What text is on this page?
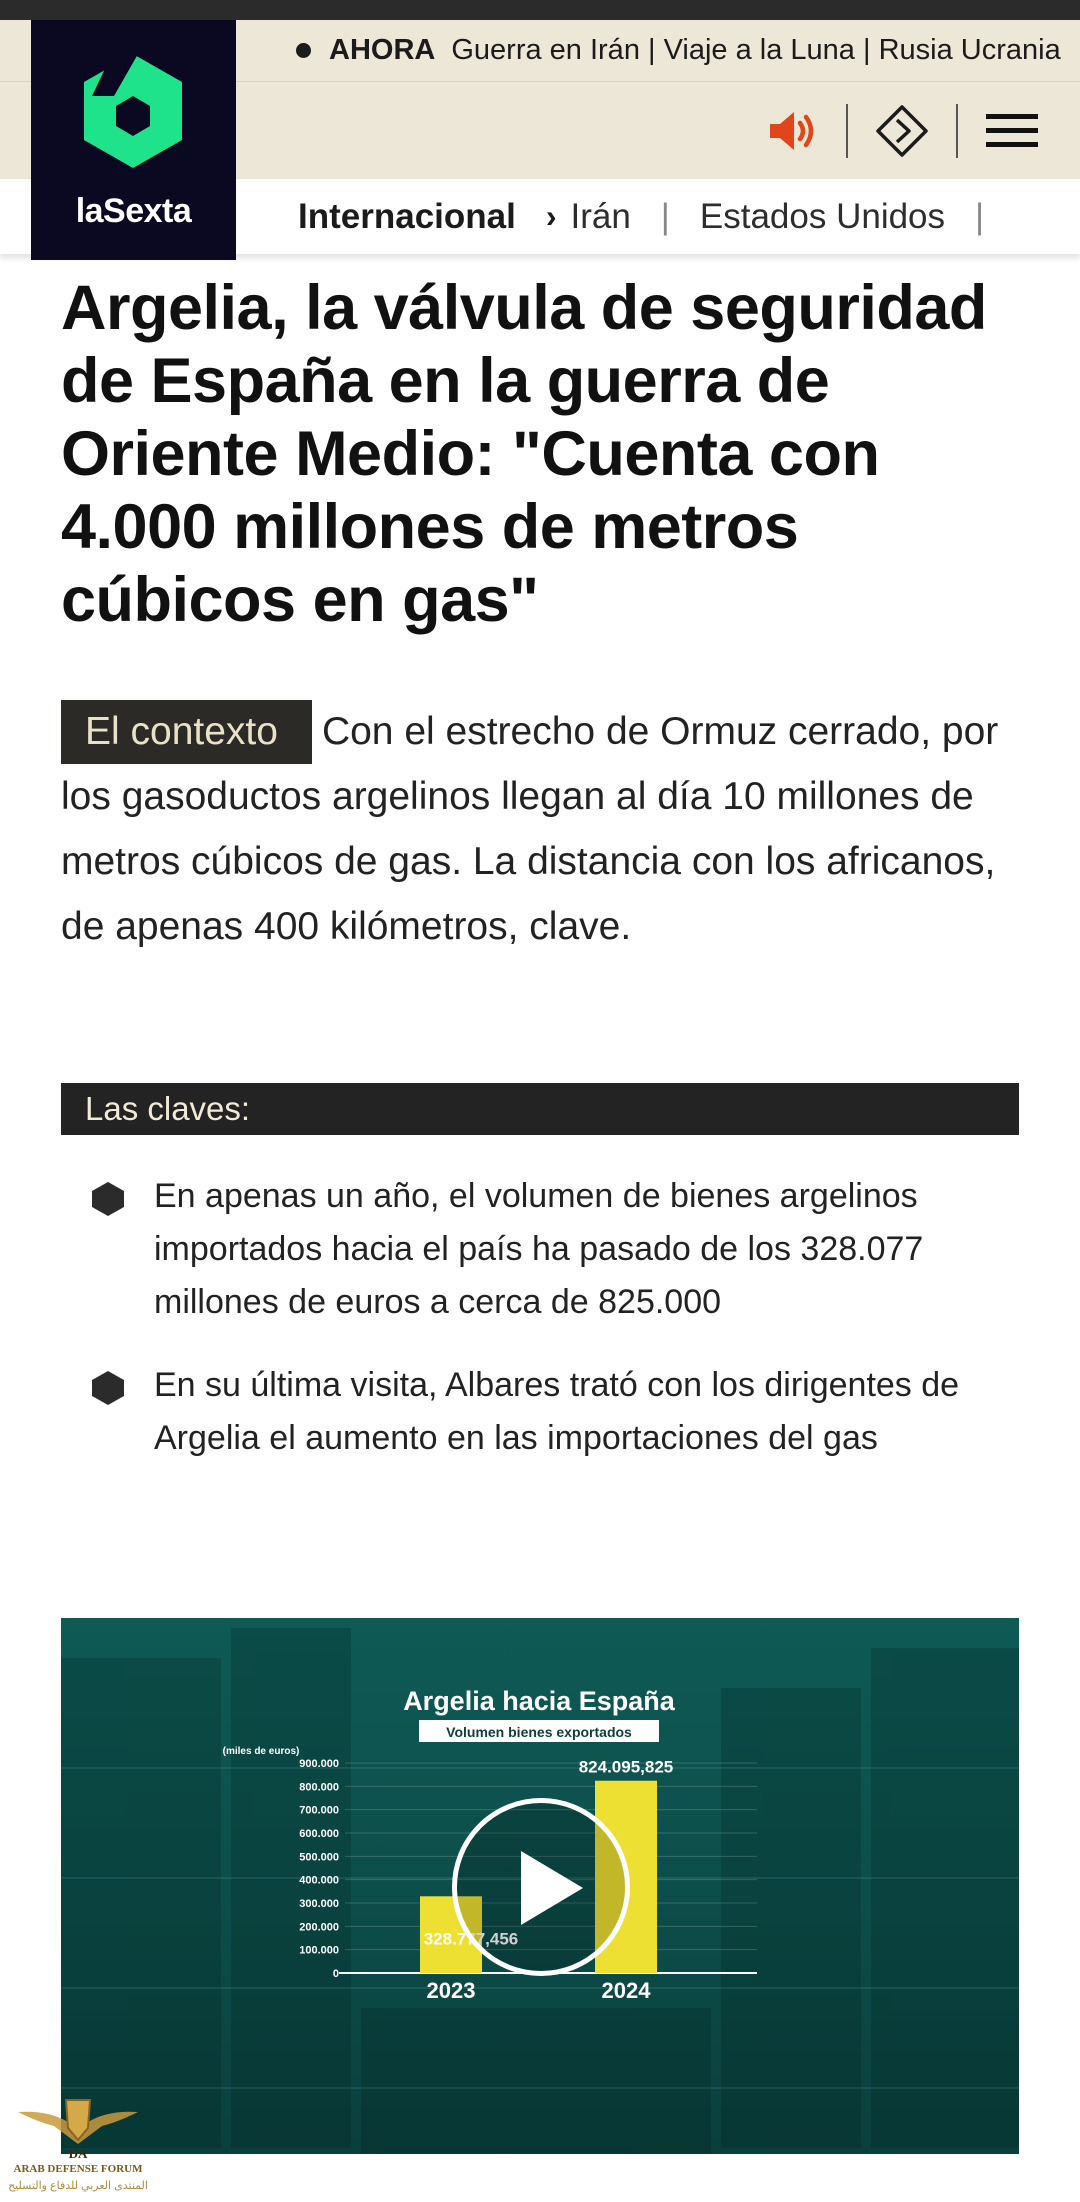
AHORA Guerra en Irán | Viaje a la Luna | Rusia Ucrania
laSexta	Internacional › Irán | Estados Unidos |
Argelia, la válvula de seguridad de España en la guerra de Oriente Medio: "Cuenta con 4.000 millones de metros cúbicos en gas"

El contexto Con el estrecho de Ormuz cerrado, por los gasoductos argelinos llegan al día 10 millones de metros cúbicos de gas. La distancia con los africanos, de apenas 400 kilómetros, clave.

Las claves:
En apenas un año, el volumen de bienes argelinos importados hacia el país ha pasado de los 328.077 millones de euros a cerca de 825.000
En su última visita, Albares trató con los dirigentes de Argelia el aumento en las importaciones del gas
Argelia hacia España
Volumen bienes exportados
(miles de euros)
0
100.000
200.000
300.000
400.000
500.000
600.000
700.000
800.000
900.000
328.777,456
2023
824.095,825
2024
DA
ARAB DEFENSE FORUM
المنتدى العربي للدفاع والتسليح
